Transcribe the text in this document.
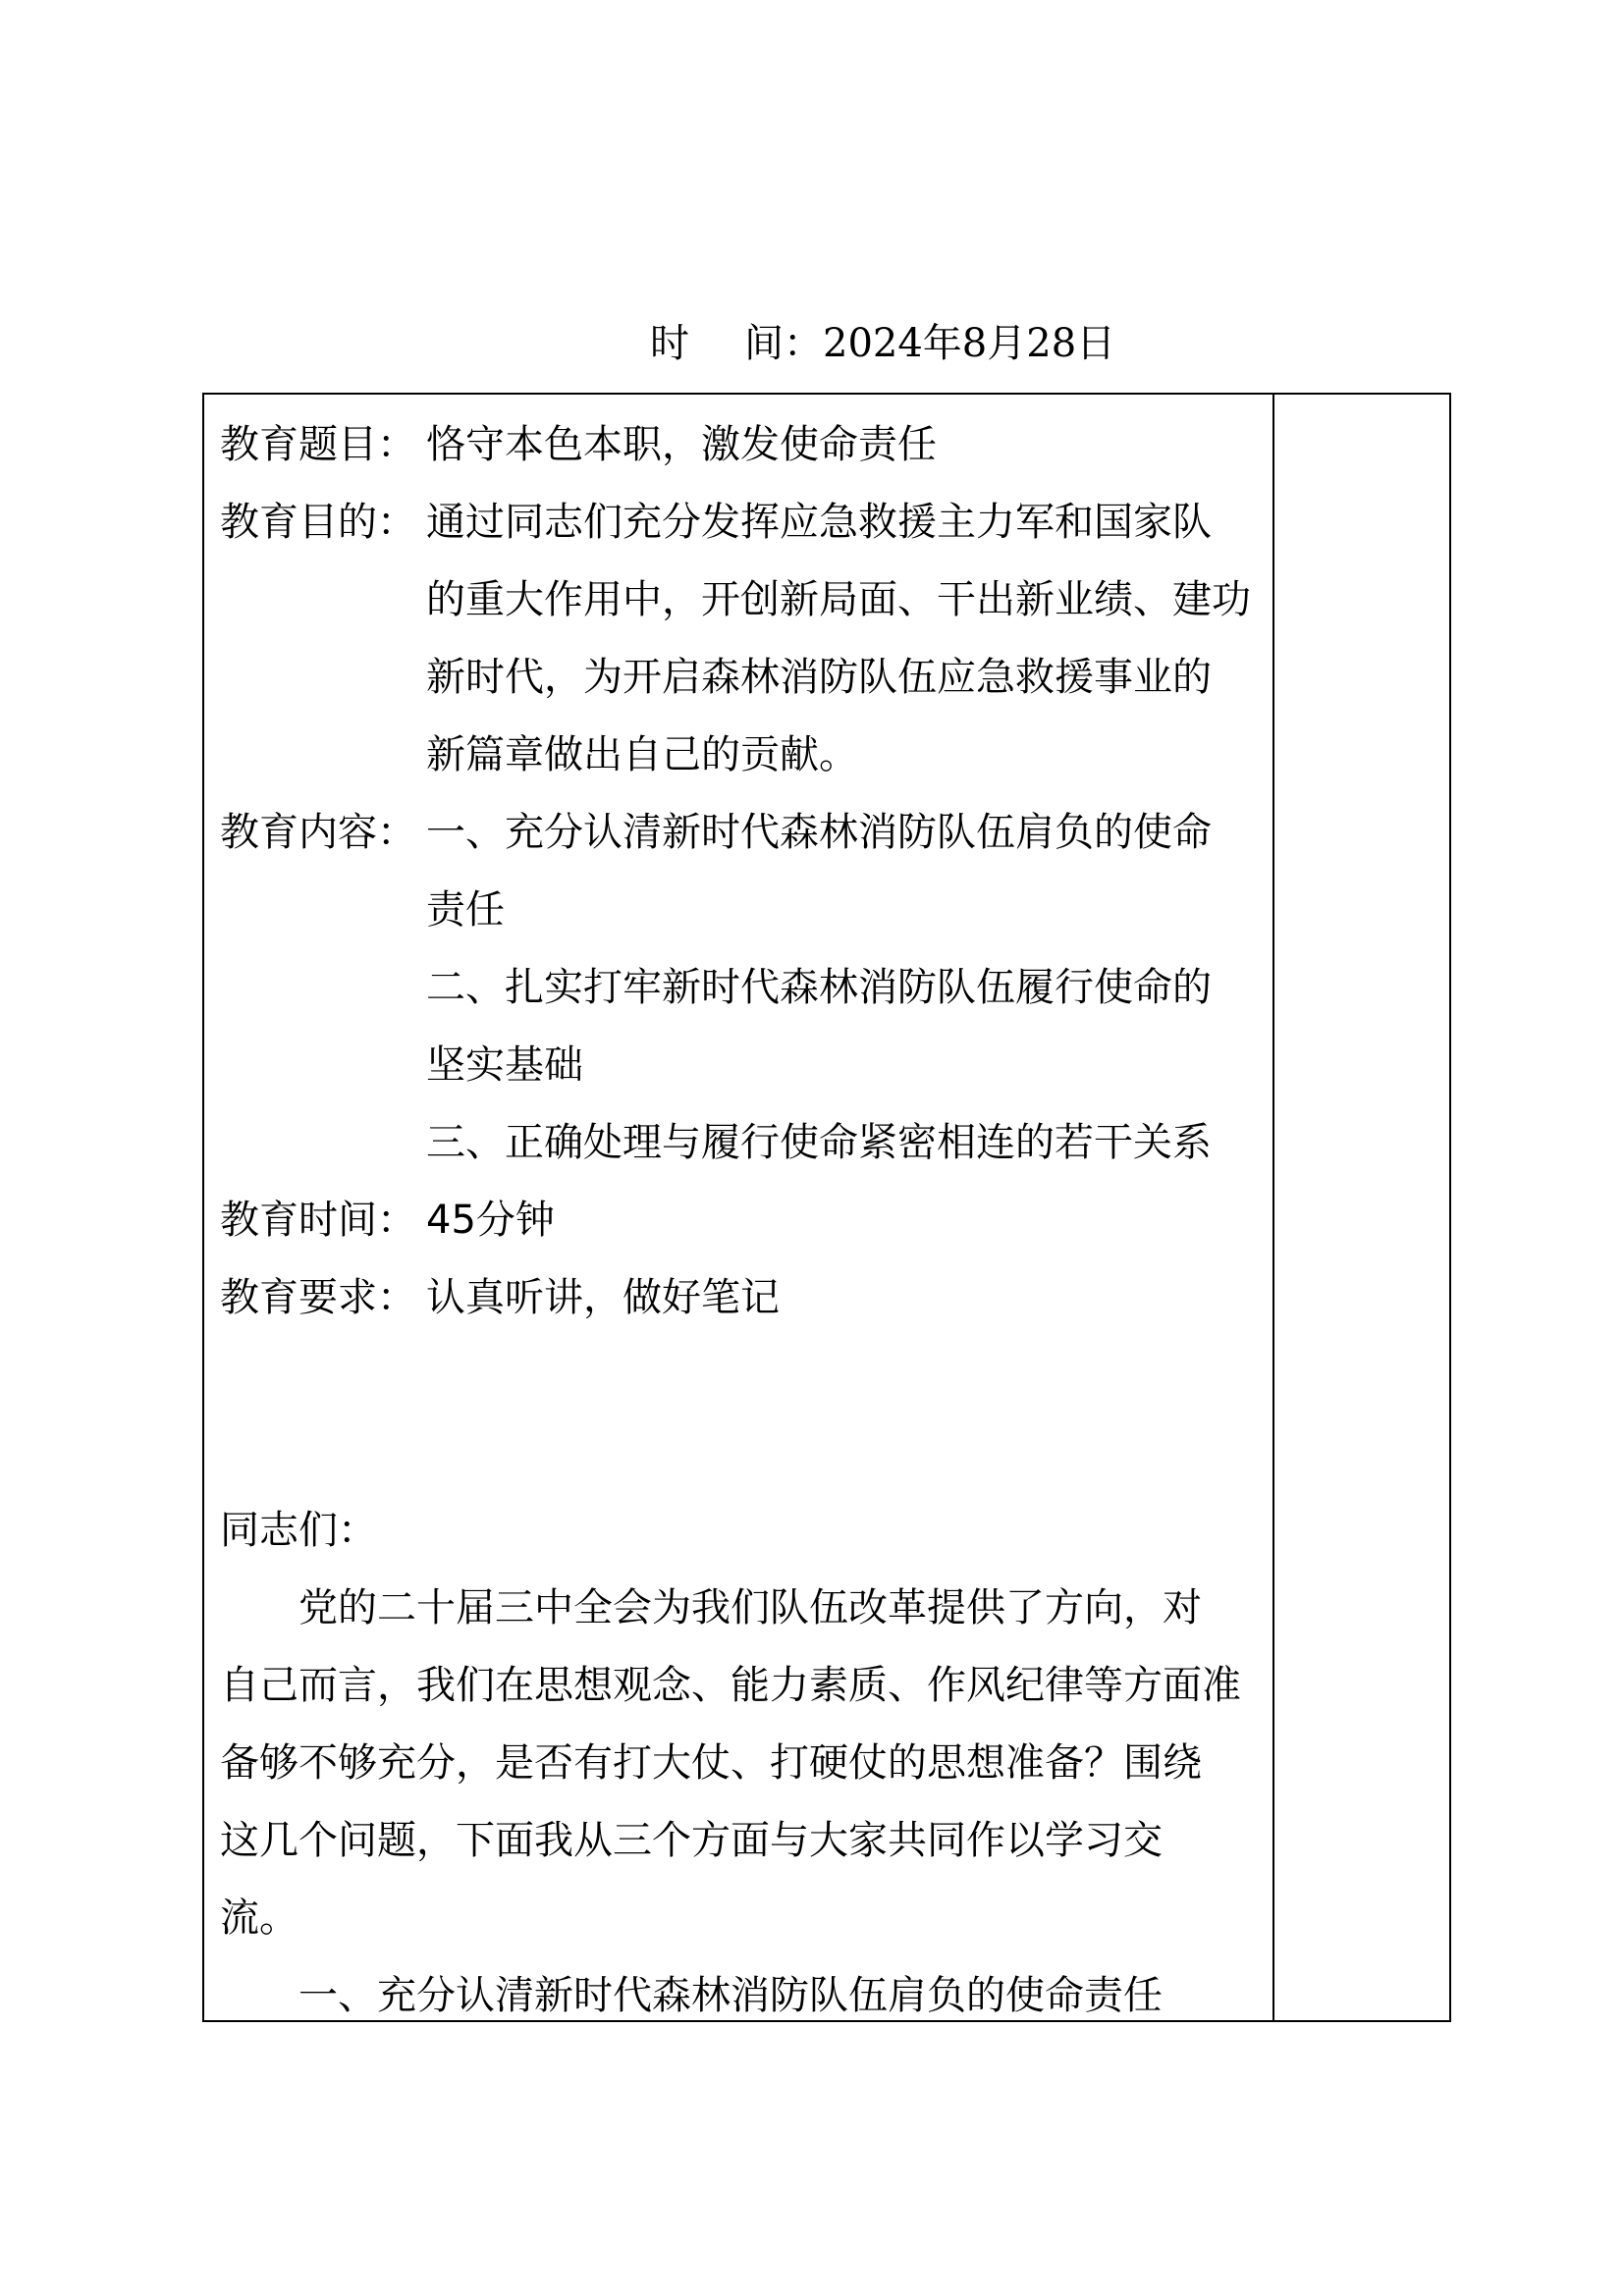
时 间：2024年8月28日
教育题目： 恪守本色本职，激发使命责任
教育目的： 通过同志们充分发挥应急救援主力军和国家队
的重大作用中，开创新局面、干出新业绩、建功
新时代，为开启森林消防队伍应急救援事业的
新篇章做出自己的贡献。
教育内容： 一、充分认清新时代森林消防队伍肩负的使命
责任
二、扎实打牢新时代森林消防队伍履行使命的
坚实基础
三、正确处理与履行使命紧密相连的若干关系
教育时间： 45分钟
教育要求： 认真听讲，做好笔记
同志们：
党的二十届三中全会为我们队伍改革提供了方向，对
自己而言，我们在思想观念、能力素质、作风纪律等方面准
备够不够充分，是否有打大仗、打硬仗的思想准备？围绕
这几个问题，下面我从三个方面与大家共同作以学习交
流。
一、充分认清新时代森林消防队伍肩负的使命责任
